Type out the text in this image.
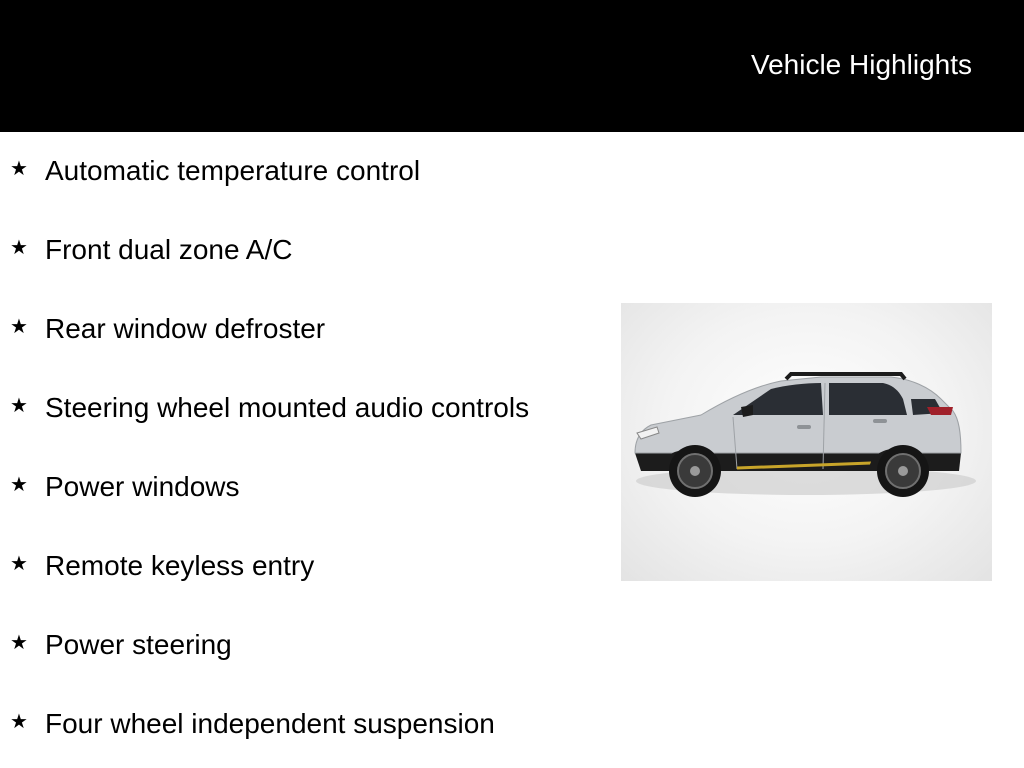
Vehicle Highlights
★ Automatic temperature control
★ Front dual zone A/C
★ Rear window defroster
★ Steering wheel mounted audio controls
★ Power windows
★ Remote keyless entry
★ Power steering
★ Four wheel independent suspension
